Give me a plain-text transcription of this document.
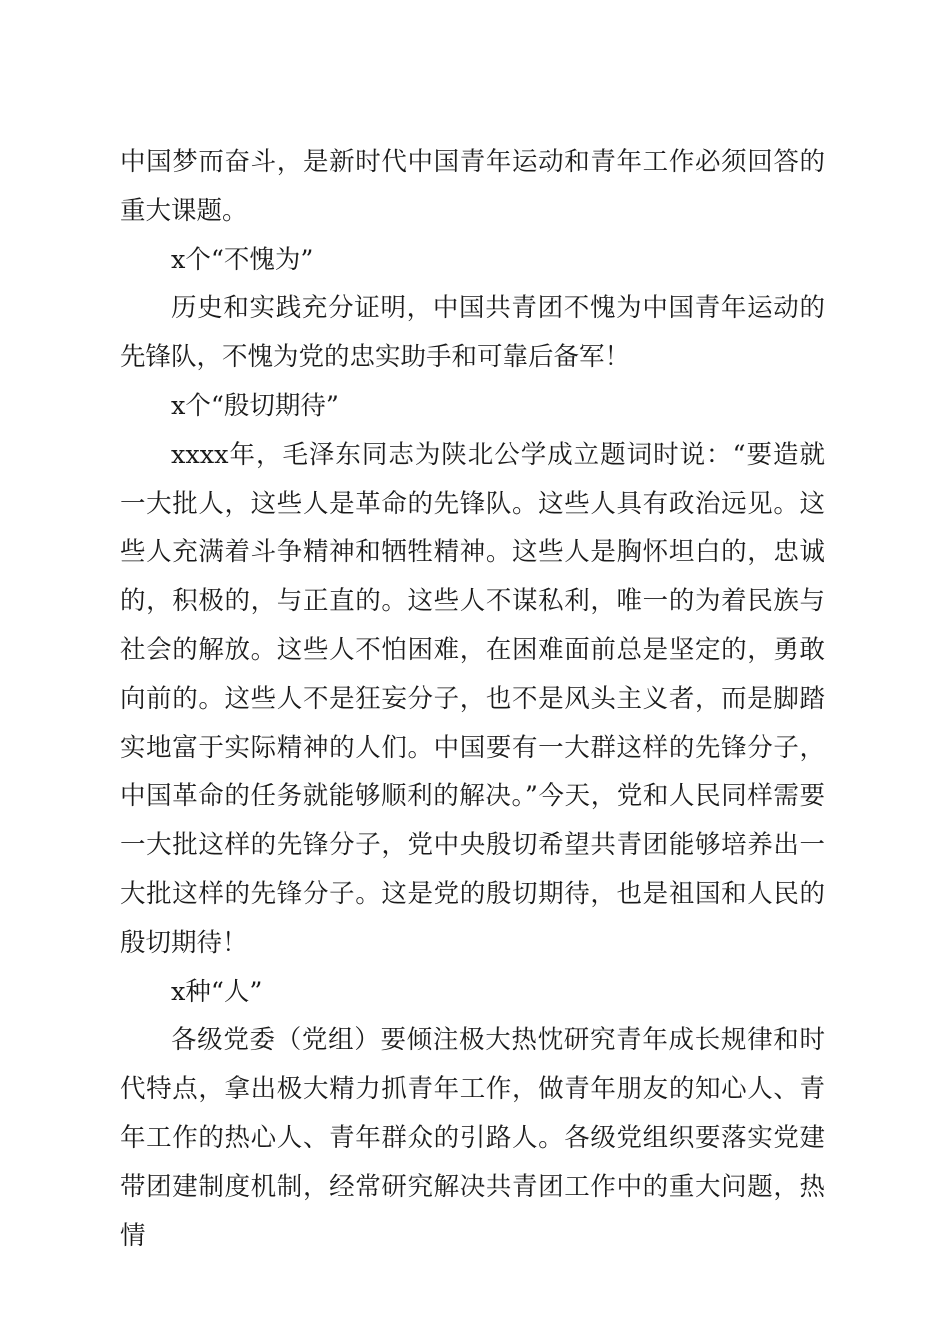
中国梦而奋斗，是新时代中国青年运动和青年工作必须回答的重大课题。

x个“不愧为”

历史和实践充分证明，中国共青团不愧为中国青年运动的先锋队，不愧为党的忠实助手和可靠后备军！

x个“殷切期待”

xxxx年，毛泽东同志为陕北公学成立题词时说：“要造就一大批人，这些人是革命的先锋队。这些人具有政治远见。这些人充满着斗争精神和牺牲精神。这些人是胸怀坦白的，忠诚的，积极的，与正直的。这些人不谋私利，唯一的为着民族与社会的解放。这些人不怕困难，在困难面前总是坚定的，勇敢向前的。这些人不是狂妄分子，也不是风头主义者，而是脚踏实地富于实际精神的人们。中国要有一大群这样的先锋分子，中国革命的任务就能够顺利的解决。”今天，党和人民同样需要一大批这样的先锋分子，党中央殷切希望共青团能够培养出一大批这样的先锋分子。这是党的殷切期待，也是祖国和人民的殷切期待！

x种“人”

各级党委（党组）要倾注极大热忱研究青年成长规律和时代特点，拿出极大精力抓青年工作，做青年朋友的知心人、青年工作的热心人、青年群众的引路人。各级党组织要落实党建带团建制度机制，经常研究解决共青团工作中的重大问题，热情
